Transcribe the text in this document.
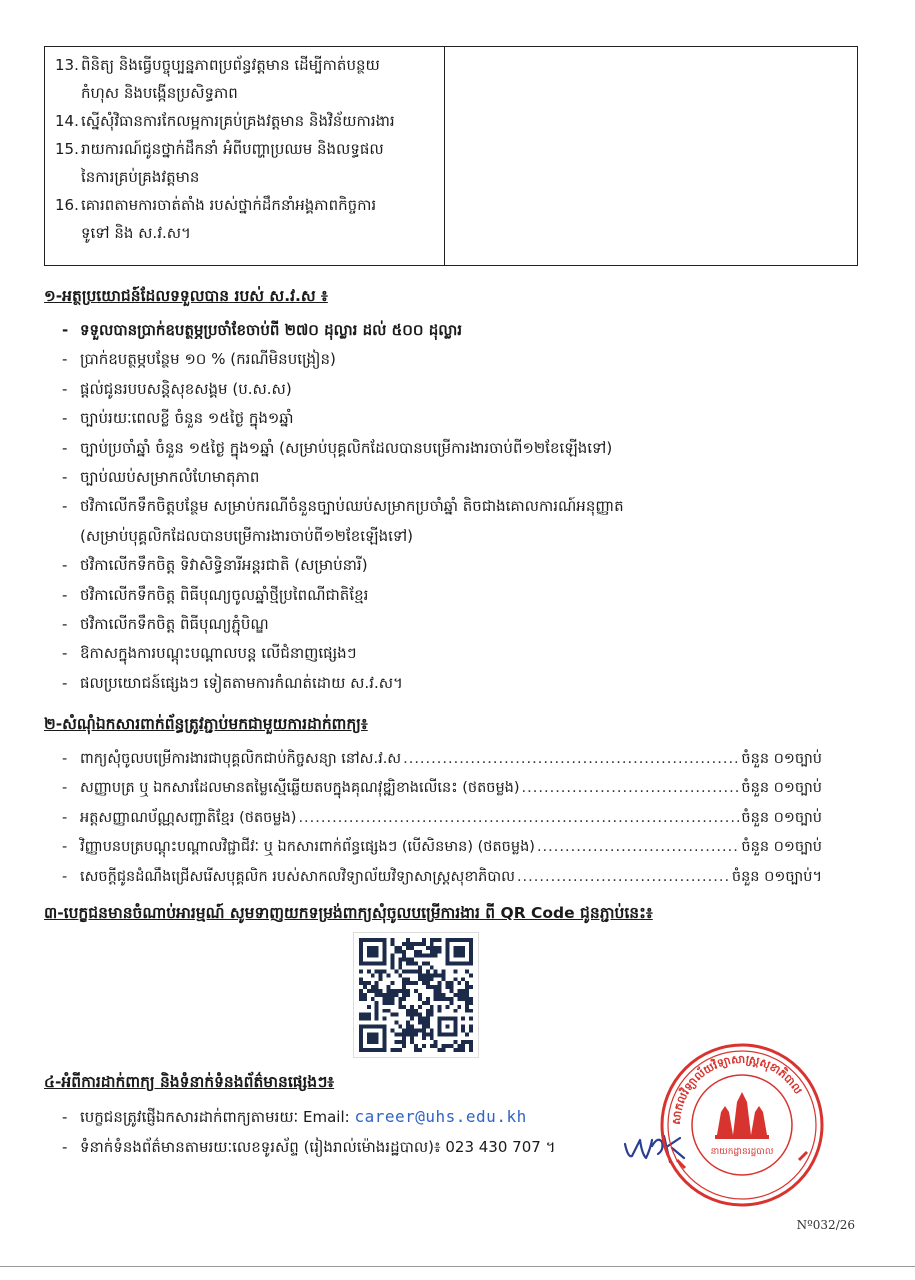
13. ពិនិត្យ និងធ្វើបច្ចុប្បន្នភាពប្រព័ន្ធវត្តមាន ដើម្បីកាត់បន្ថយ
កំហុស និងបង្កើនប្រសិទ្ធភាព
14. ស្នើសុំវិធានការកែលម្អការគ្រប់គ្រងវត្តមាន និងវិន័យការងារ
15. រាយការណ៍ជូនថ្នាក់ដឹកនាំ អំពីបញ្ហាប្រឈម និងលទ្ធផល
នៃការគ្រប់គ្រងវត្តមាន
16. គោរពតាមការចាត់តាំង របស់ថ្នាក់ដឹកនាំអង្គភាពកិច្ចការ
ទូទៅ និង ស.វ.ស។
១-អត្ថប្រយោជន៍ដែលទទួលបាន របស់ ស.វ.ស ៖
- ទទួលបានប្រាក់ឧបត្ថម្ភប្រចាំខែចាប់ពី ២៧០ ដុល្លារ ដល់ ៥០០ ដុល្លារ
- ប្រាក់ឧបត្ថម្ភបន្ថែម ១០ % (ករណីមិនបង្រៀន)
- ផ្តល់ជូនរបបសន្តិសុខសង្គម (ប.ស.ស)
- ច្បាប់រយៈពេលខ្លី ចំនួន ១៥ថ្ងៃ ក្នុង១ឆ្នាំ
- ច្បាប់ប្រចាំឆ្នាំ ចំនួន ១៥ថ្ងៃ ក្នុង១ឆ្នាំ (សម្រាប់បុគ្គលិកដែលបានបម្រើការងារចាប់ពី១២ខែឡើងទៅ)
- ច្បាប់ឈប់សម្រាកលំហែមាតុភាព
- ថវិកាលើកទឹកចិត្តបន្ថែម សម្រាប់ករណីចំនួនច្បាប់ឈប់សម្រាកប្រចាំឆ្នាំ តិចជាងគោលការណ៍អនុញ្ញាត
(សម្រាប់បុគ្គលិកដែលបានបម្រើការងារចាប់ពី១២ខែឡើងទៅ)
- ថវិកាលើកទឹកចិត្ត ទិវាសិទ្ធិនារីអន្តរជាតិ (សម្រាប់នារី)
- ថវិកាលើកទឹកចិត្ត ពិធីបុណ្យចូលឆ្នាំថ្មីប្រពៃណីជាតិខ្មែរ
- ថវិកាលើកទឹកចិត្ត ពិធីបុណ្យភ្ជុំបិណ្ឌ
- ឱកាសក្នុងការបណ្តុះបណ្តាលបន្ត លើជំនាញផ្សេងៗ
- ផលប្រយោជន៍ផ្សេងៗ ទៀតតាមការកំណត់ដោយ ស.វ.ស។
២-សំណុំឯកសារពាក់ព័ន្ធត្រូវភ្ជាប់មកជាមួយការដាក់ពាក្យ៖
- ពាក្យសុំចូលបម្រើការងារជាបុគ្គលិកជាប់កិច្ចសន្យា នៅស.វ.ស .....	ចំនួន ០១ច្បាប់
- សញ្ញាបត្រ ឬ ឯកសារដែលមានតម្លៃស្មើឆ្លើយតបក្នុងគុណវុឌ្ឍិខាងលើនេះ (ថតចម្លង) .....	ចំនួន ០១ច្បាប់
- អត្តសញ្ញាណប័ណ្ណសញ្ជាតិខ្មែរ (ថតចម្លង) .....	ចំនួន ០១ច្បាប់
- វិញ្ញាបនបត្របណ្តុះបណ្តាលវិជ្ជាជីវៈ ឬ ឯកសារពាក់ព័ន្ធផ្សេងៗ (បើសិនមាន) (ថតចម្លង) .....	ចំនួន ០១ច្បាប់
- សេចក្តីជូនដំណឹងជ្រើសរើសបុគ្គលិក របស់សាកលវិទ្យាល័យវិទ្យាសាស្ត្រសុខាភិបាល .....	ចំនួន ០១ច្បាប់។
៣-បេក្ខជនមានចំណាប់អារម្មណ៍ សូមទាញយកទម្រង់ពាក្យសុំចូលបម្រើការងារ ពី QR Code ជូនភ្ជាប់នេះ៖
៤-អំពីការដាក់ពាក្យ និងទំនាក់ទំនងព័ត៌មានផ្សេងៗ៖
- បេក្ខជនត្រូវផ្ញើឯកសារដាក់ពាក្យតាមរយៈ Email: career@uhs.edu.kh
- ទំនាក់ទំនងព័ត៌មានតាមរយៈលេខទូរស័ព្ទ (រៀងរាល់ម៉ោងរដ្ឋបាល)៖ 023 430 707 ។
សាកលវិទ្យាល័យវិទ្យាសាស្ត្រសុខាភិបាល
នាយកដ្ឋានរដ្ឋបាល
Nº032/26
